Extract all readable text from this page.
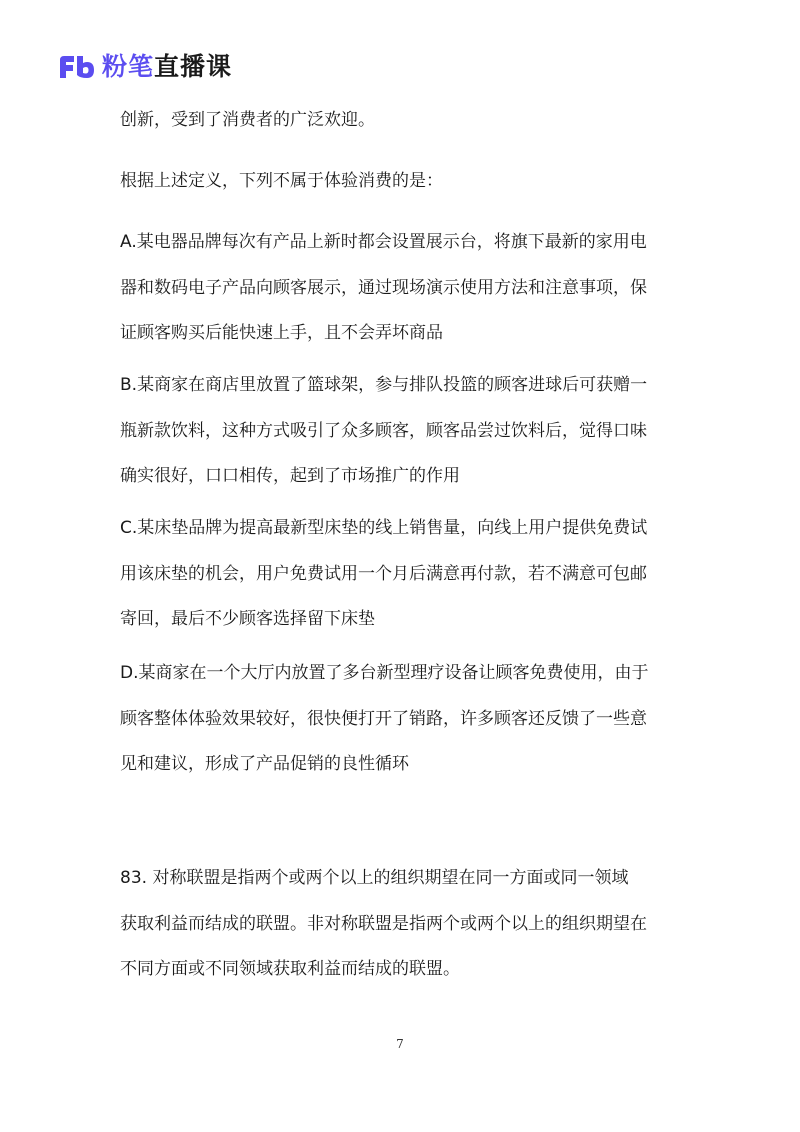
粉笔 直播课

创新，受到了消费者的广泛欢迎。

根据上述定义，下列不属于体验消费的是：

A.某电器品牌每次有产品上新时都会设置展示台，将旗下最新的家用电
器和数码电子产品向顾客展示，通过现场演示使用方法和注意事项，保
证顾客购买后能快速上手，且不会弄坏商品
B.某商家在商店里放置了篮球架，参与排队投篮的顾客进球后可获赠一
瓶新款饮料，这种方式吸引了众多顾客，顾客品尝过饮料后，觉得口味
确实很好，口口相传，起到了市场推广的作用
C.某床垫品牌为提高最新型床垫的线上销售量，向线上用户提供免费试
用该床垫的机会，用户免费试用一个月后满意再付款，若不满意可包邮
寄回，最后不少顾客选择留下床垫
D.某商家在一个大厅内放置了多台新型理疗设备让顾客免费使用，由于
顾客整体体验效果较好，很快便打开了销路，许多顾客还反馈了一些意
见和建议，形成了产品促销的良性循环
83. 对称联盟是指两个或两个以上的组织期望在同一方面或同一领域
获取利益而结成的联盟。非对称联盟是指两个或两个以上的组织期望在
不同方面或不同领域获取利益而结成的联盟。
7
